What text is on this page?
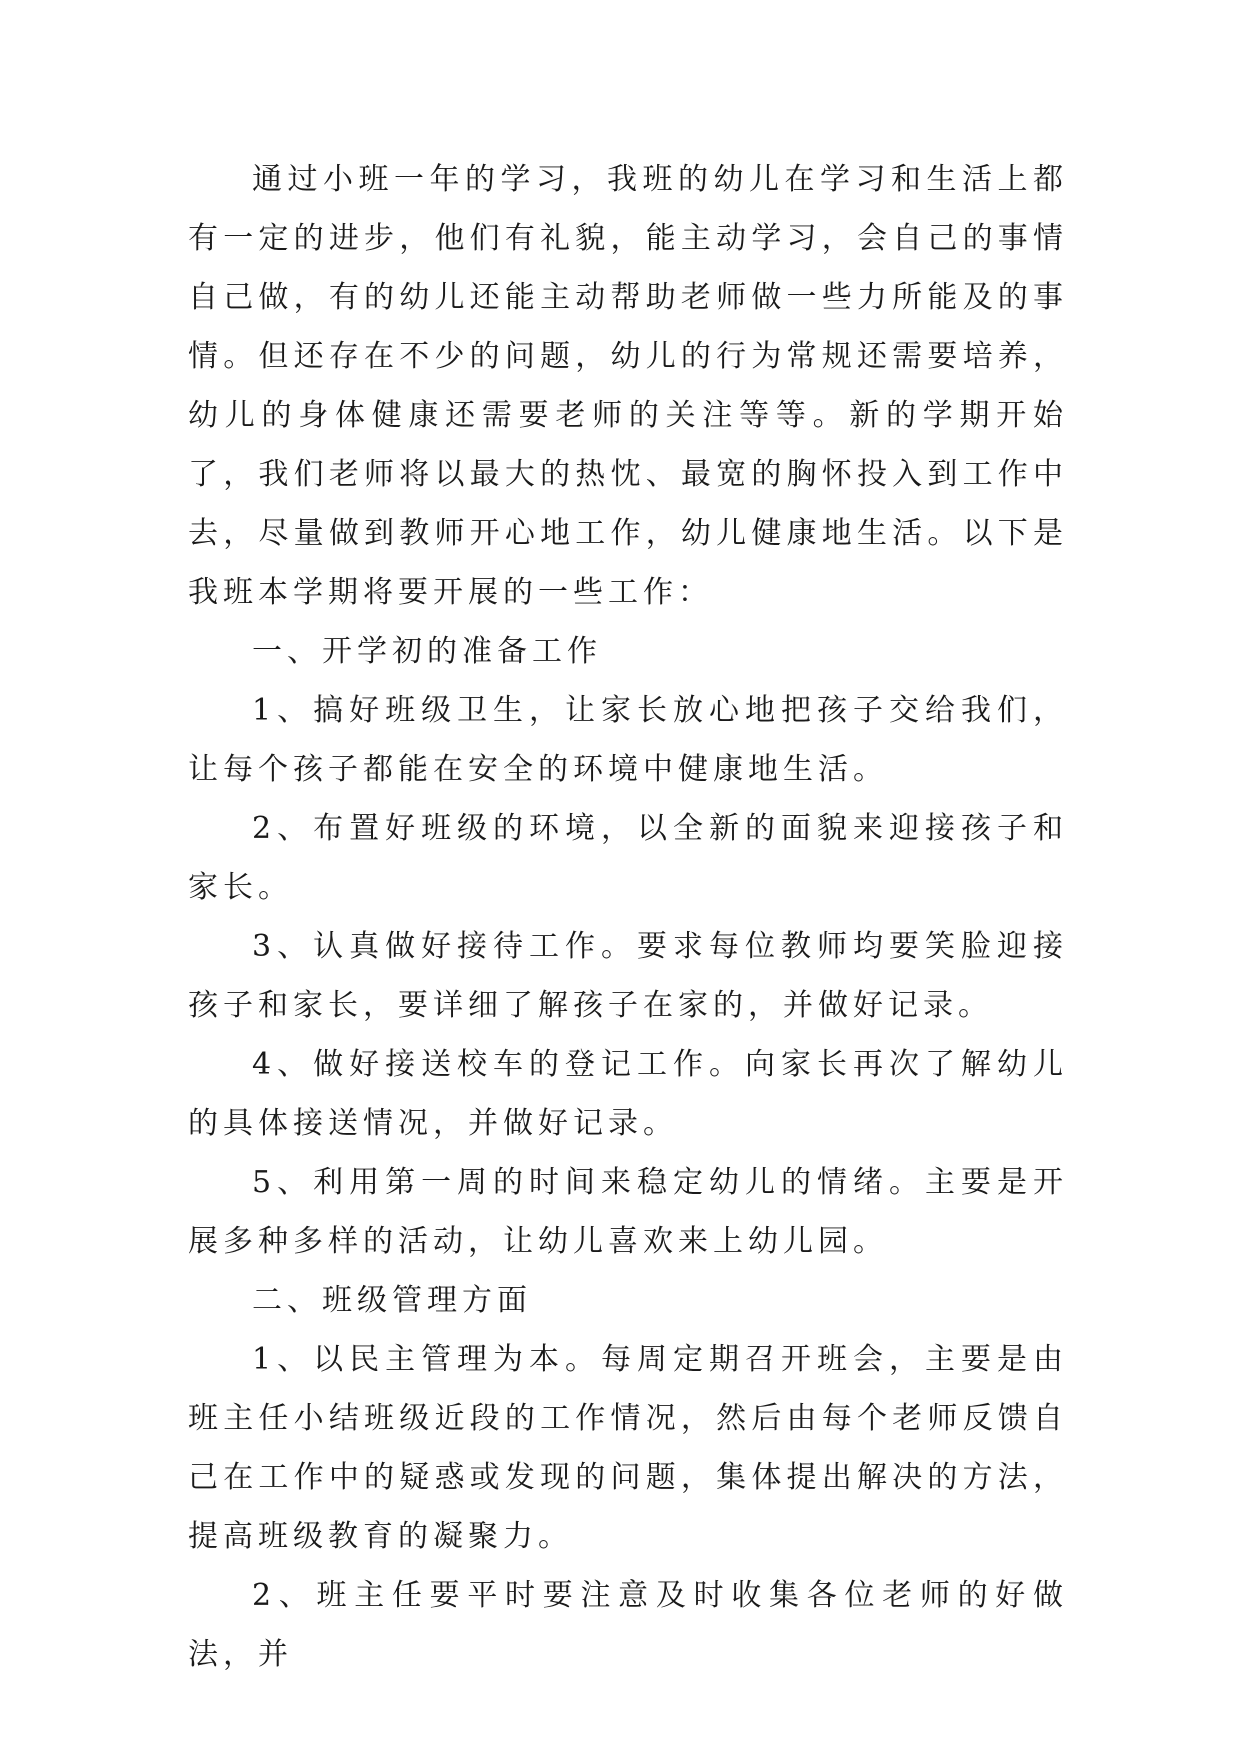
通过小班一年的学习，我班的幼儿在学习和生活上都有一定的进步，他们有礼貌，能主动学习，会自己的事情自己做，有的幼儿还能主动帮助老师做一些力所能及的事情。但还存在不少的问题，幼儿的行为常规还需要培养，幼儿的身体健康还需要老师的关注等等。新的学期开始了，我们老师将以最大的热忱、最宽的胸怀投入到工作中去，尽量做到教师开心地工作，幼儿健康地生活。以下是我班本学期将要开展的一些工作：

一、开学初的准备工作

1、搞好班级卫生，让家长放心地把孩子交给我们，让每个孩子都能在安全的环境中健康地生活。

2、布置好班级的环境，以全新的面貌来迎接孩子和家长。

3、认真做好接待工作。要求每位教师均要笑脸迎接孩子和家长，要详细了解孩子在家的，并做好记录。

4、做好接送校车的登记工作。向家长再次了解幼儿的具体接送情况，并做好记录。

5、利用第一周的时间来稳定幼儿的情绪。主要是开展多种多样的活动，让幼儿喜欢来上幼儿园。

二、班级管理方面

1、以民主管理为本。每周定期召开班会，主要是由班主任小结班级近段的工作情况，然后由每个老师反馈自己在工作中的疑惑或发现的问题，集体提出解决的方法，提高班级教育的凝聚力。

2、班主任要平时要注意及时收集各位老师的好做法，并
